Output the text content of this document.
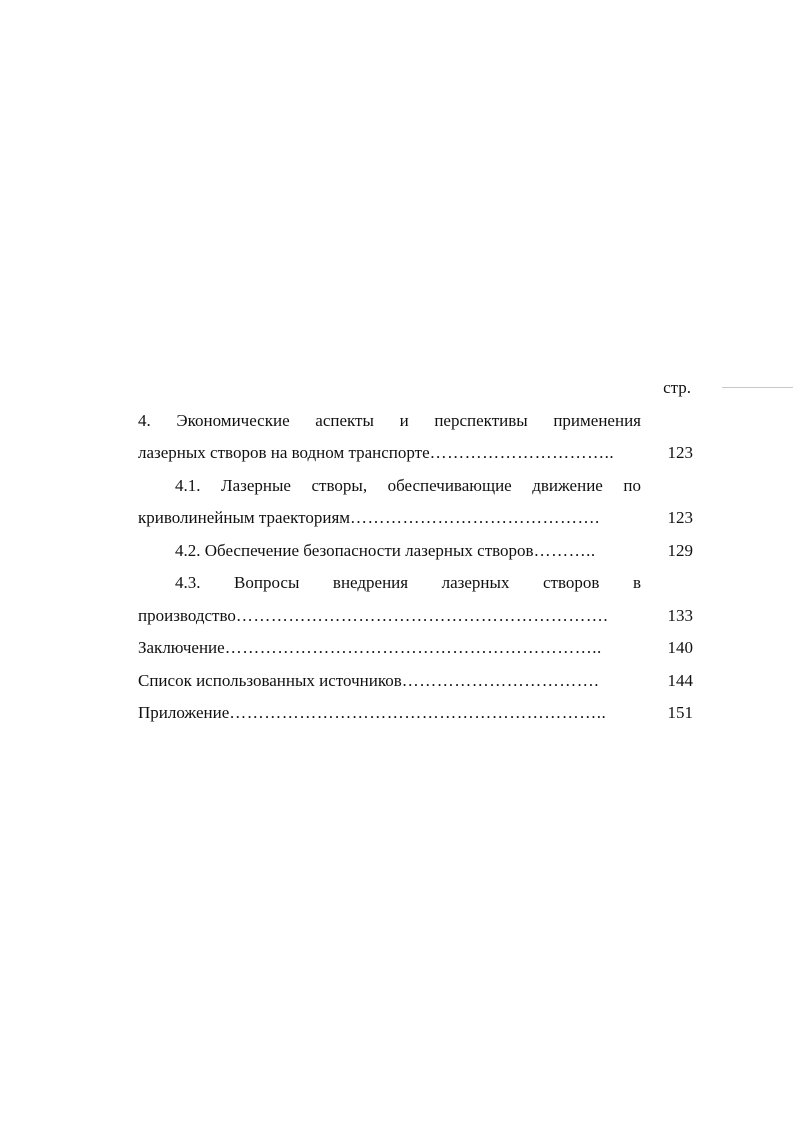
стр.
4. Экономические аспекты и перспективы применения
лазерных створов на водном транспорте…………………………..	123
4.1. Лазерные створы, обеспечивающие движение по
криволинейным траекториям…………………………………….	123
4.2. Обеспечение безопасности лазерных створов………..	129
4.3. Вопросы внедрения лазерных створов в
производство……………………………………………………….	133
Заключение………………………………………………………..	140
Список использованных источников…………………………….	144
Приложение………………………………………………………..	151
